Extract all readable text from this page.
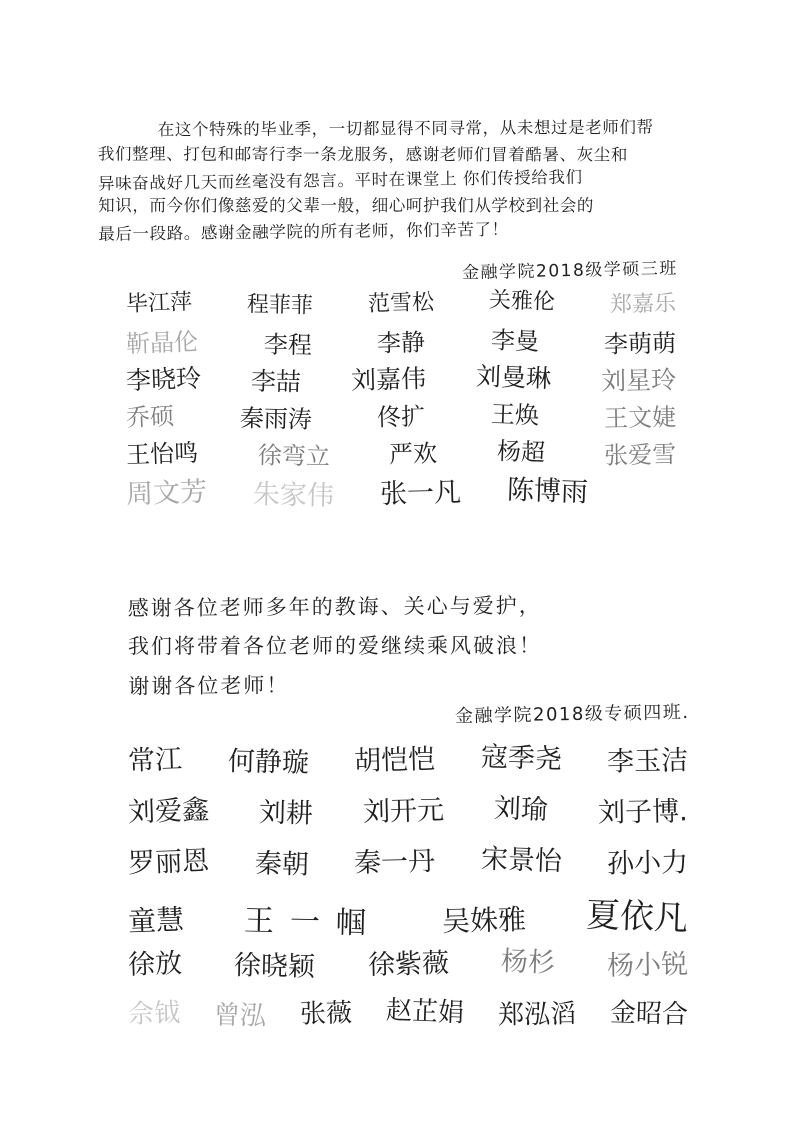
在这个特殊的毕业季，一切都显得不同寻常，从未想过是老师们帮

我们整理、打包和邮寄行李一条龙服务，感谢老师们冒着酷暑、灰尘和

异味奋战好几天而丝毫没有怨言。平时在课堂上 你们传授给我们

知识，而今你们像慈爱的父辈一般，细心呵护我们从学校到社会的

最后一段路。感谢金融学院的所有老师，你们辛苦了！

金融学院2018级学硕三班
毕江萍 程菲菲 范雪松 关雅伦 郑嘉乐
靳晶伦	李程	李静	李曼	李萌萌
李晓玲 李喆 刘嘉伟 刘曼琳 刘星玲
乔硕	秦雨涛	佟扩	王焕	王文婕
王怡鸣 徐弯立 严欢 杨超 张爱雪
周文芳 朱家伟 张一凡 陈博雨

感谢各位老师多年的教诲、关心与爱护，

我们将带着各位老师的爱继续乘风破浪！

谢谢各位老师！

金融学院2018级专硕四班.
常江 何静璇 胡恺恺 寇季尧 李玉洁
刘爱鑫 刘耕 刘开元 刘瑜 刘子博.
罗丽恩 秦朝 秦一丹 宋景怡 孙小力
童慧 王一帼 吴姝雅 夏依凡
徐放 徐晓颖 徐紫薇 杨杉 杨小锐
佘钺 曾泓 张薇 赵芷娟 郑泓滔 金昭合
